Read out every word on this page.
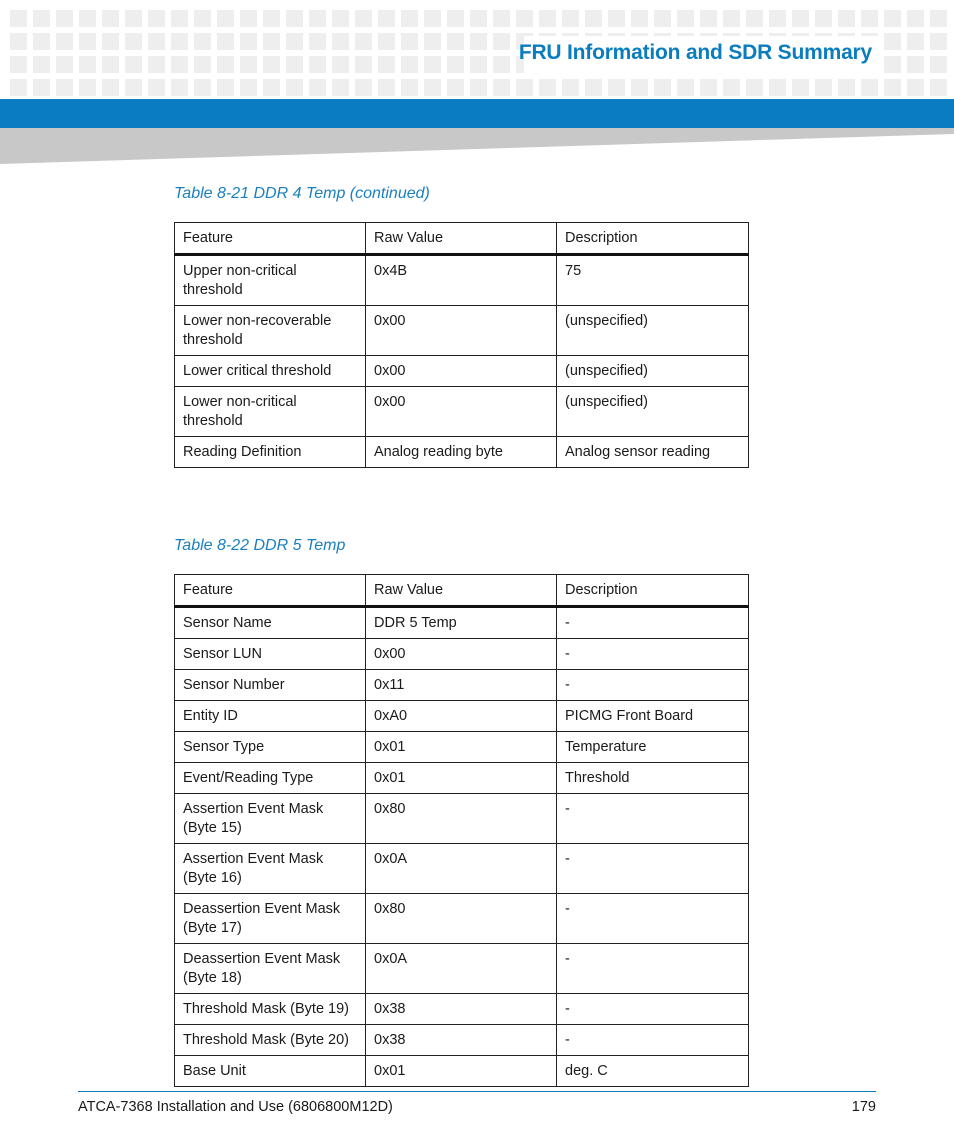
FRU Information and SDR Summary
Table 8-21 DDR 4 Temp (continued)
Feature	Raw Value	Description
Upper non-critical threshold	0x4B	75
Lower non-recoverable threshold	0x00	(unspecified)
Lower critical threshold	0x00	(unspecified)
Lower non-critical threshold	0x00	(unspecified)
Reading Definition	Analog reading byte	Analog sensor reading
Table 8-22 DDR 5 Temp
Feature	Raw Value	Description
Sensor Name	DDR 5 Temp	-
Sensor LUN	0x00	-
Sensor Number	0x11	-
Entity ID	0xA0	PICMG Front Board
Sensor Type	0x01	Temperature
Event/Reading Type	0x01	Threshold
Assertion Event Mask (Byte 15)	0x80	-
Assertion Event Mask (Byte 16)	0x0A	-
Deassertion Event Mask (Byte 17)	0x80	-
Deassertion Event Mask (Byte 18)	0x0A	-
Threshold Mask (Byte 19)	0x38	-
Threshold Mask (Byte 20)	0x38	-
Base Unit	0x01	deg. C
ATCA-7368 Installation and Use (6806800M12D)	179
